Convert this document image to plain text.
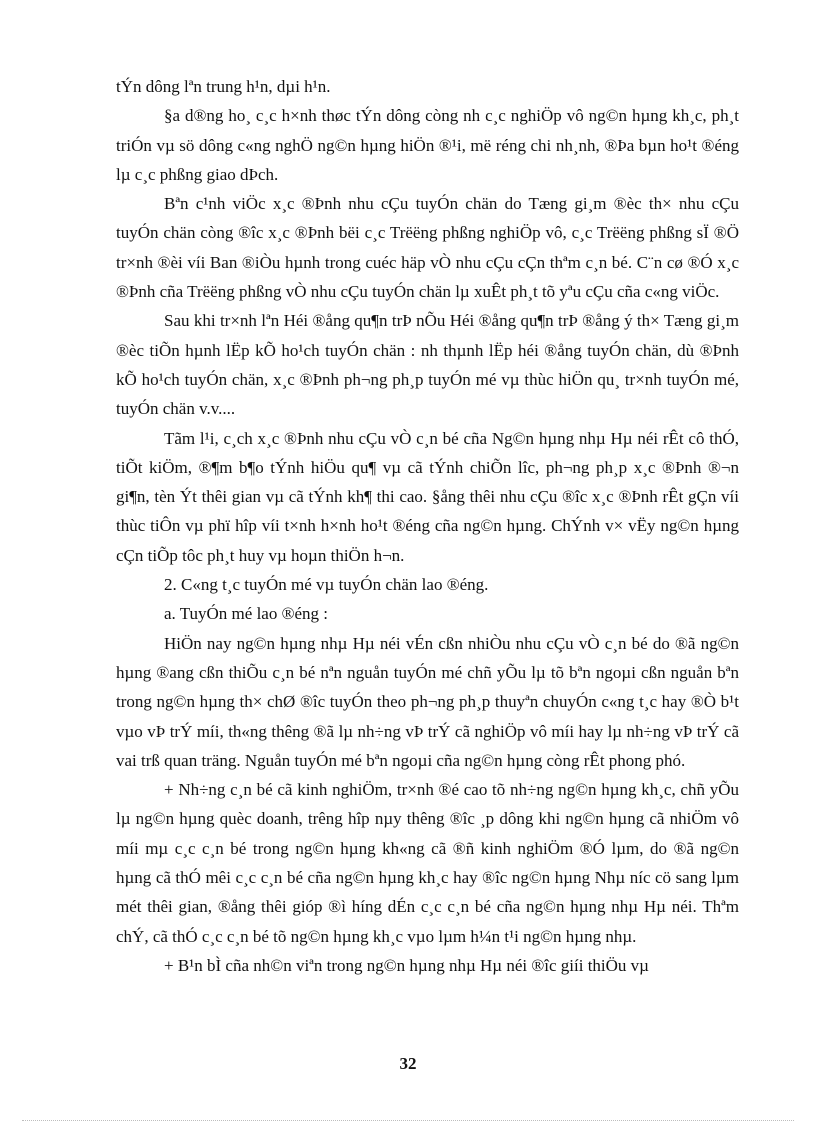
tÝn dông lªn trung h¹n, dµi h¹n.

§a d®ng ho¸ c¸c h×nh thøc tÝn dông còng nh c¸c nghiÖp vô ng©n hµng kh¸c, ph¸t triÓn vµ sö dông c«ng nghÖ ng©n hµng hiÖn ®¹i, më réng chi nh¸nh, ®Þa bµn ho¹t ®éng lµ c¸c phßng giao dÞch.

Bªn c¹nh viÖc x¸c ®Þnh nhu cÇu tuyÓn chän do Tæng gi¸m ®èc th× nhu cÇu tuyÓn chän còng ®îc x¸c ®Þnh bëi c¸c Trëëng phßng nghiÖp vô, c¸c Trëëng phßng sÏ ®Ö tr×nh ®èi víi Ban ®iÒu hµnh trong cuéc häp vÒ nhu cÇu cÇn thªm c¸n bé. C¨n cø ®Ó x¸c ®Þnh cña Trëëng phßng vÒ nhu cÇu tuyÓn chän lµ xuÊt ph¸t tõ yªu cÇu cña c«ng viÖc.

Sau khi tr×nh lªn Héi ®ång qu¶n trÞ nÕu Héi ®ång qu¶n trÞ ®ång ý th× Tæng gi¸m ®èc tiÕn hµnh lËp kÕ ho¹ch tuyÓn chän : nh thµnh lËp héi ®ång tuyÓn chän, dù ®Þnh kÕ ho¹ch tuyÓn chän, x¸c ®Þnh ph¬ng ph¸p tuyÓn mé vµ thùc hiÖn qu¸ tr×nh tuyÓn mé, tuyÓn chän v.v....

Tãm l¹i, c¸ch x¸c ®Þnh nhu cÇu vÒ c¸n bé cña Ng©n hµng nhµ Hµ néi rÊt cô thÓ, tiÕt kiÖm, ®¶m b¶o tÝnh hiÖu qu¶ vµ cã tÝnh chiÕn lîc, ph¬ng ph¸p x¸c ®Þnh ®¬n gi¶n, tèn Ýt thêi gian vµ cã tÝnh kh¶ thi cao. §ång thêi nhu cÇu ®îc x¸c ®Þnh rÊt gÇn víi thùc tiÔn vµ phï hîp víi t×nh h×nh ho¹t ®éng cña ng©n hµng. ChÝnh v× vËy ng©n hµng cÇn tiÕp tôc ph¸t huy vµ hoµn thiÖn h¬n.

2. C«ng t¸c tuyÓn mé vµ tuyÓn chän lao ®éng.

a. TuyÓn mé lao ®éng :

HiÖn nay ng©n hµng nhµ Hµ néi vÉn cßn nhiÒu nhu cÇu vÒ c¸n bé do ®ã ng©n hµng ®ang cßn thiÕu c¸n bé nªn nguån tuyÓn mé chñ yÕu lµ tõ bªn ngoµi cßn nguån bªn trong ng©n hµng th× chØ ®îc tuyÓn theo ph¬ng ph¸p thuyªn chuyÓn c«ng t¸c hay ®Ò b¹t vµo vÞ trÝ míi, th«ng thêng ®ã lµ nh÷ng vÞ trÝ cã nghiÖp vô míi hay lµ nh÷ng vÞ trÝ cã vai trß quan träng. Nguån tuyÓn mé bªn ngoµi cña ng©n hµng còng rÊt phong phó.

+ Nh÷ng c¸n bé cã kinh nghiÖm, tr×nh ®é cao tõ nh÷ng ng©n hµng kh¸c, chñ yÕu lµ ng©n hµng quèc doanh, trêng hîp nµy thêng ®îc ¸p dông khi ng©n hµng cã nhiÖm vô míi mµ c¸c c¸n bé trong ng©n hµng kh«ng cã ®ñ kinh nghiÖm ®Ó lµm, do ®ã ng©n hµng cã thÓ mêi c¸c c¸n bé cña ng©n hµng kh¸c hay ®îc ng©n hµng Nhµ níc cö sang lµm mét thêi gian, ®ång thêi gióp ®ì híng dÉn c¸c c¸n bé cña ng©n hµng nhµ Hµ néi. Thªm chÝ, cã thÓ c¸c c¸n bé tõ ng©n hµng kh¸c vµo lµm h¼n t¹i ng©n hµng nhµ.

+ B¹n bÌ cña nh©n viªn trong ng©n hµng nhµ Hµ néi ®îc giíi thiÖu vµ

32
